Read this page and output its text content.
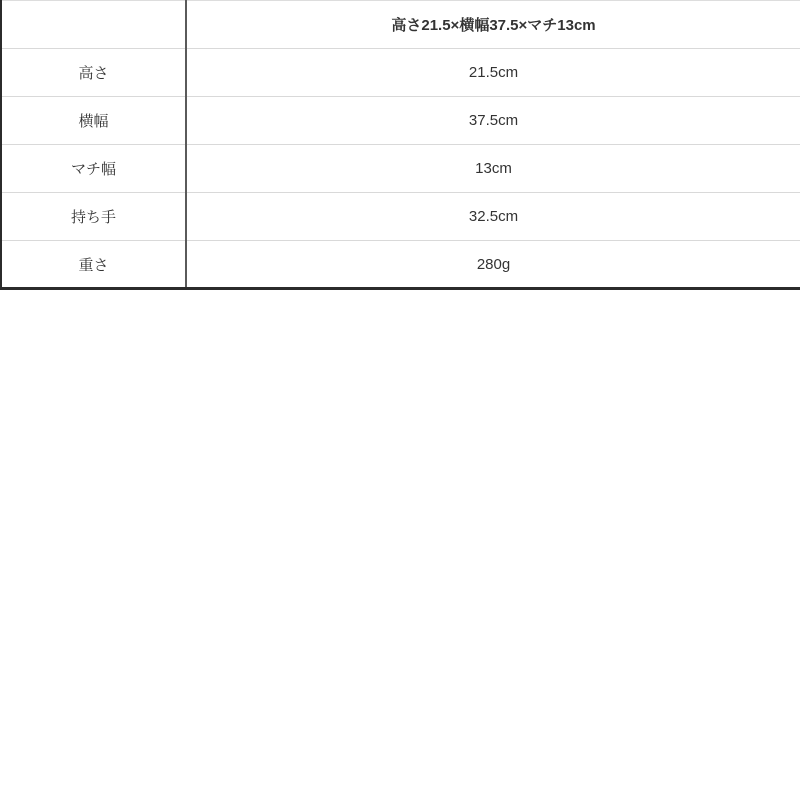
	高さ21.5×横幅37.5×マチ13cm
高さ	21.5cm
横幅	37.5cm
マチ幅	13cm
持ち手	32.5cm
重さ	280g
